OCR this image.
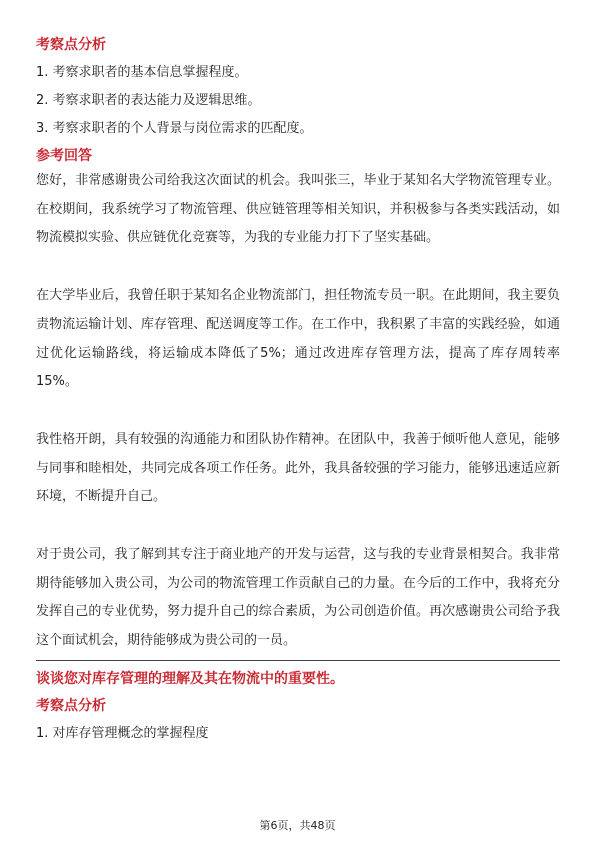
考察点分析

1. 考察求职者的基本信息掌握程度。
2. 考察求职者的表达能力及逻辑思维。
3. 考察求职者的个人背景与岗位需求的匹配度。

参考回答

您好，非常感谢贵公司给我这次面试的机会。我叫张三，毕业于某知名大学物流管理专业。在校期间，我系统学习了物流管理、供应链管理等相关知识，并积极参与各类实践活动，如物流模拟实验、供应链优化竞赛等，为我的专业能力打下了坚实基础。

在大学毕业后，我曾任职于某知名企业物流部门，担任物流专员一职。在此期间，我主要负责物流运输计划、库存管理、配送调度等工作。在工作中，我积累了丰富的实践经验，如通过优化运输路线，将运输成本降低了5%；通过改进库存管理方法，提高了库存周转率15%。

我性格开朗，具有较强的沟通能力和团队协作精神。在团队中，我善于倾听他人意见，能够与同事和睦相处，共同完成各项工作任务。此外，我具备较强的学习能力，能够迅速适应新环境，不断提升自己。

对于贵公司，我了解到其专注于商业地产的开发与运营，这与我的专业背景相契合。我非常期待能够加入贵公司，为公司的物流管理工作贡献自己的力量。在今后的工作中，我将充分发挥自己的专业优势，努力提升自己的综合素质，为公司创造价值。再次感谢贵公司给予我这个面试机会，期待能够成为贵公司的一员。

谈谈您对库存管理的理解及其在物流中的重要性。

考察点分析

1. 对库存管理概念的掌握程度
第6页，共48页
